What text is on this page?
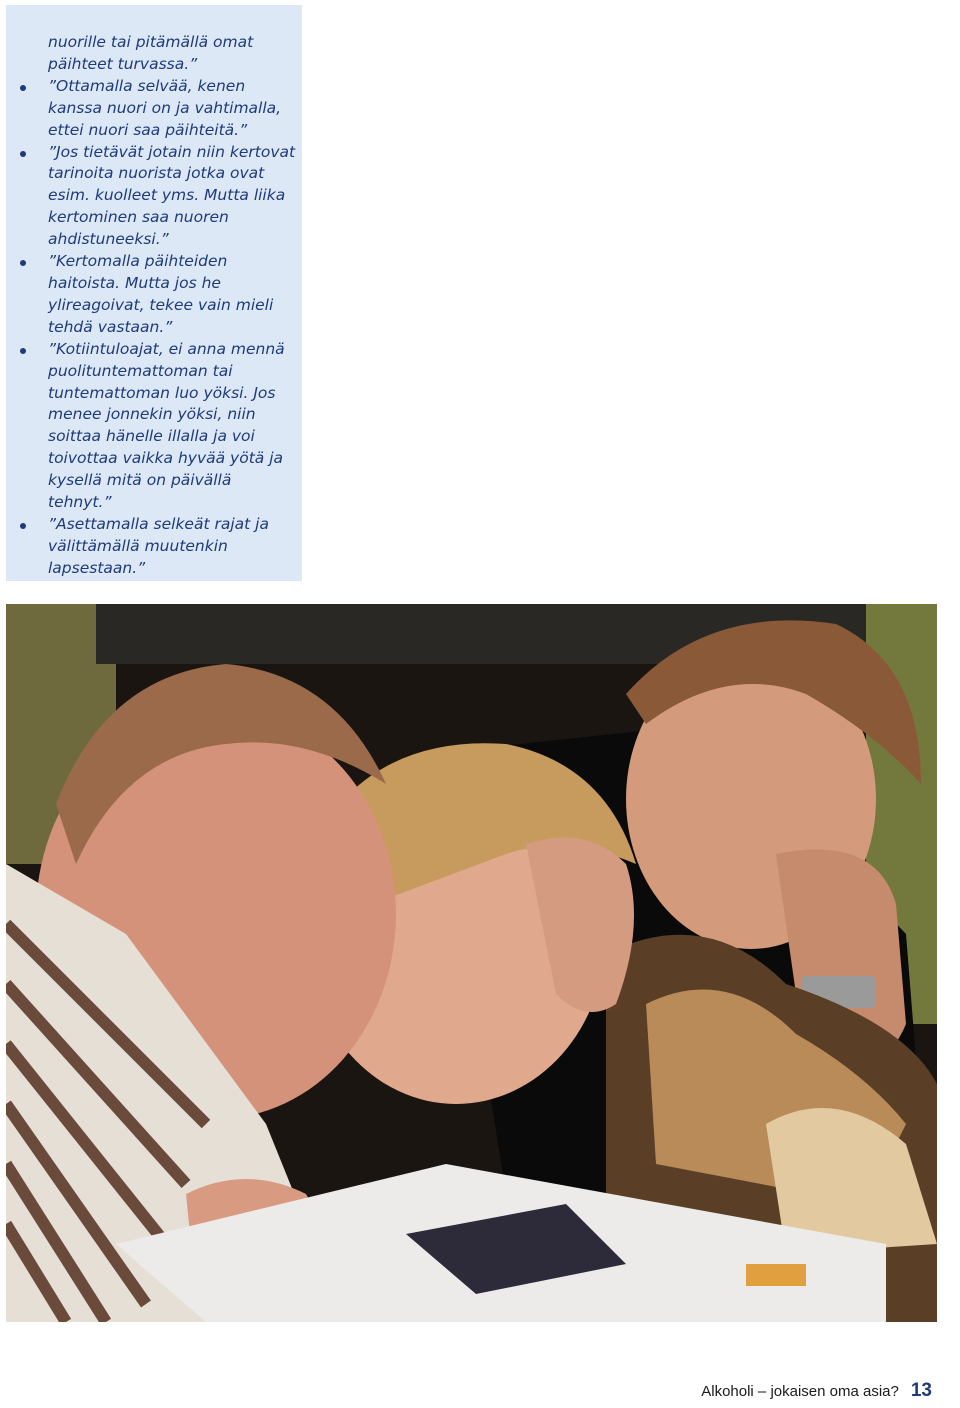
nuorille tai pitämällä omat päihteet turvassa.”

”Ottamalla selvää, kenen kanssa nuori on ja vahtimalla, ettei nuori saa päihteitä.”

”Jos tietävät jotain niin kertovat tarinoita nuorista jotka ovat esim. kuolleet yms. Mutta liika kertominen saa nuoren ahdistuneeksi.”

”Kertomalla päihteiden haitoista. Mutta jos he ylireagoivat, tekee vain mieli tehdä vastaan.”

”Kotiintuloajat, ei anna mennä puolituntemattoman tai tuntemattoman luo yöksi. Jos menee jonnekin yöksi, niin soittaa hänelle illalla ja voi toivottaa vaikka hyvää yötä ja kysellä mitä on päivällä tehnyt.”

”Asettamalla selkeät rajat ja välittämällä muutenkin lapsestaan.”

Alkoholi – jokaisen oma asia? 13
